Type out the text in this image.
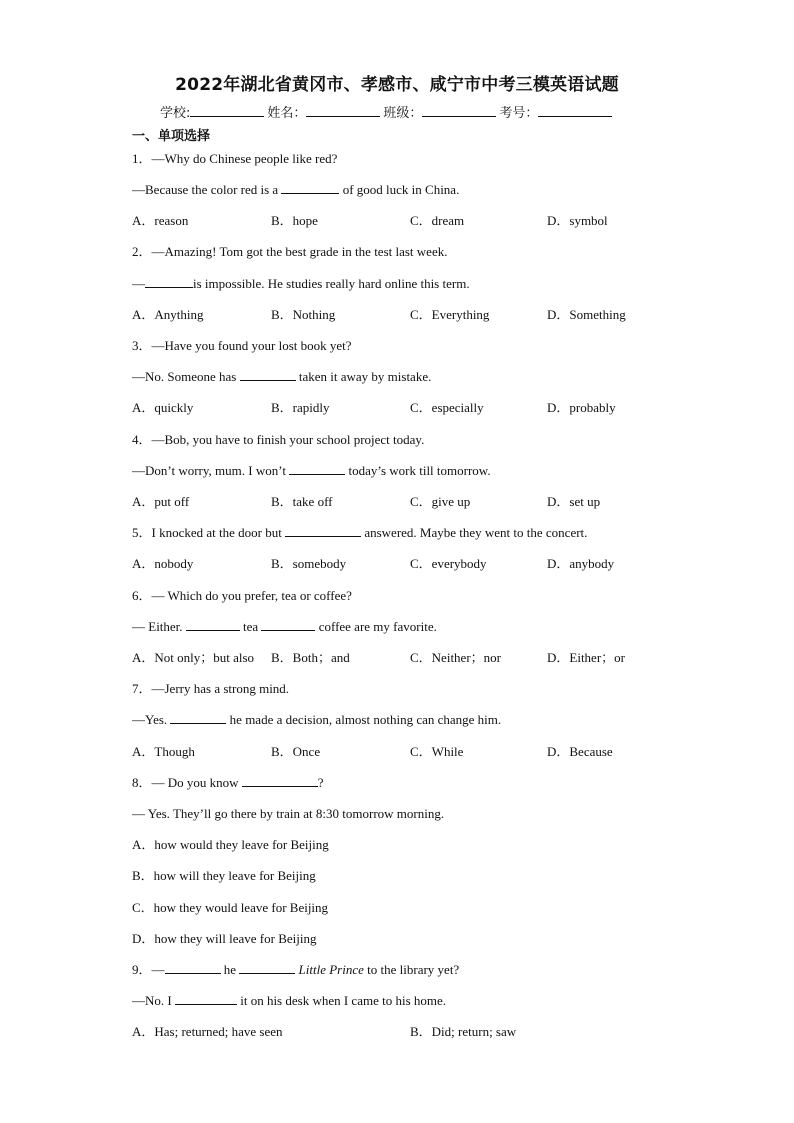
2022年湖北省黄冈市、孝感市、咸宁市中考三模英语试题
学校:	姓名：	班级：	考号：
一、单项选择
1．—Why do Chinese people like red?
—Because the color red is a	of good luck in China.
A．reason	B．hope	C．dream	D．symbol
2．—Amazing! Tom got the best grade in the test last week.
—	is impossible. He studies really hard online this term.
A．Anything	B．Nothing	C．Everything	D．Something
3．—Have you found your lost book yet?
—No. Someone has	taken it away by mistake.
A．quickly	B．rapidly	C．especially	D．probably
4．—Bob, you have to finish your school project today.
—Don’t worry, mum. I won’t	today’s work till tomorrow.
A．put off	B．take off	C．give up	D．set up
5．I knocked at the door but	answered. Maybe they went to the concert.
A．nobody	B．somebody	C．everybody	D．anybody
6．— Which do you prefer, tea or coffee?
— Either.	tea	coffee are my favorite.
A．Not only；but also B．Both；and	C．Neither；nor	D．Either；or
7．—Jerry has a strong mind.
—Yes.	he made a decision, almost nothing can change him.
A．Though	B．Once	C．While	D．Because
8．— Do you know	?
— Yes. They’ll go there by train at 8:30 tomorrow morning.
A．how would they leave for Beijing
B．how will they leave for Beijing
C．how they would leave for Beijing
D．how they will leave for Beijing
9．—	he	Little Prince to the library yet?
—No. I	it on his desk when I came to his home.
A．Has; returned; have seen	B．Did; return; saw
